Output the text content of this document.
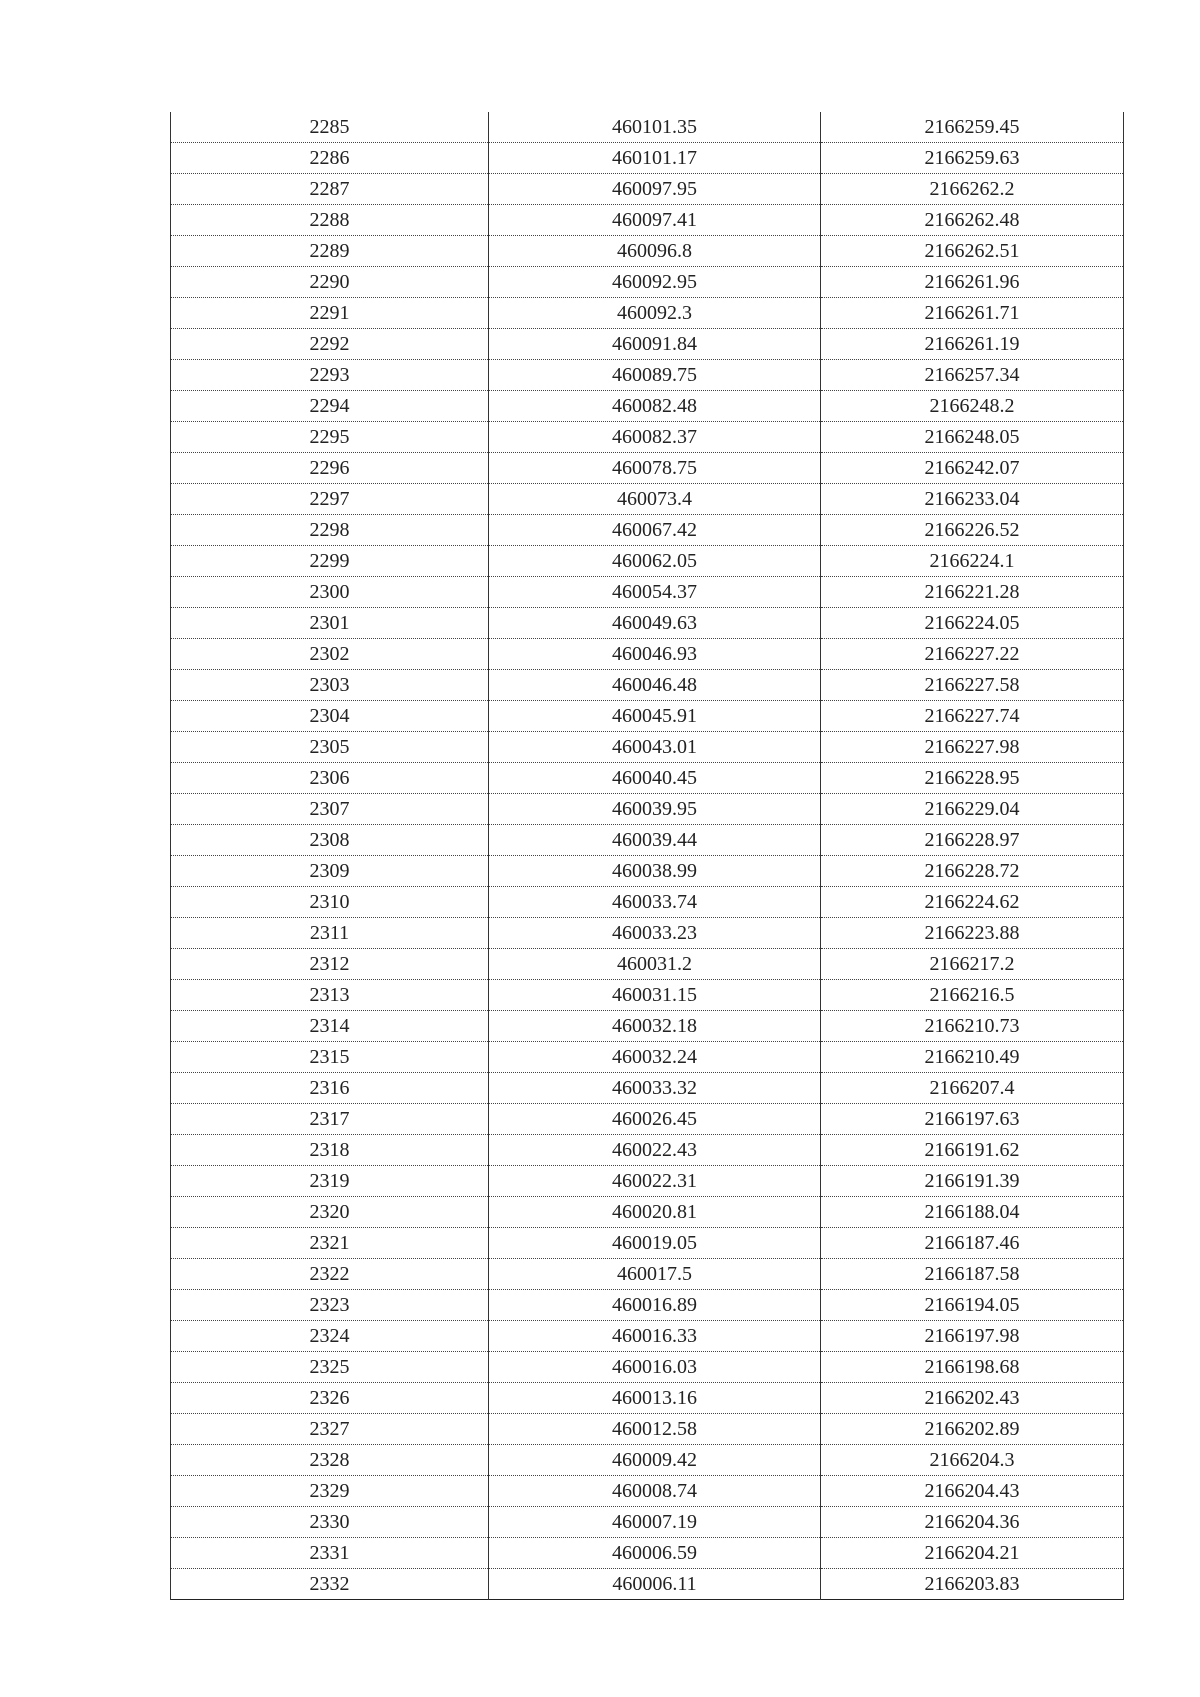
2285	460101.35	2166259.45
2286	460101.17	2166259.63
2287	460097.95	2166262.2
2288	460097.41	2166262.48
2289	460096.8	2166262.51
2290	460092.95	2166261.96
2291	460092.3	2166261.71
2292	460091.84	2166261.19
2293	460089.75	2166257.34
2294	460082.48	2166248.2
2295	460082.37	2166248.05
2296	460078.75	2166242.07
2297	460073.4	2166233.04
2298	460067.42	2166226.52
2299	460062.05	2166224.1
2300	460054.37	2166221.28
2301	460049.63	2166224.05
2302	460046.93	2166227.22
2303	460046.48	2166227.58
2304	460045.91	2166227.74
2305	460043.01	2166227.98
2306	460040.45	2166228.95
2307	460039.95	2166229.04
2308	460039.44	2166228.97
2309	460038.99	2166228.72
2310	460033.74	2166224.62
2311	460033.23	2166223.88
2312	460031.2	2166217.2
2313	460031.15	2166216.5
2314	460032.18	2166210.73
2315	460032.24	2166210.49
2316	460033.32	2166207.4
2317	460026.45	2166197.63
2318	460022.43	2166191.62
2319	460022.31	2166191.39
2320	460020.81	2166188.04
2321	460019.05	2166187.46
2322	460017.5	2166187.58
2323	460016.89	2166194.05
2324	460016.33	2166197.98
2325	460016.03	2166198.68
2326	460013.16	2166202.43
2327	460012.58	2166202.89
2328	460009.42	2166204.3
2329	460008.74	2166204.43
2330	460007.19	2166204.36
2331	460006.59	2166204.21
2332	460006.11	2166203.83
